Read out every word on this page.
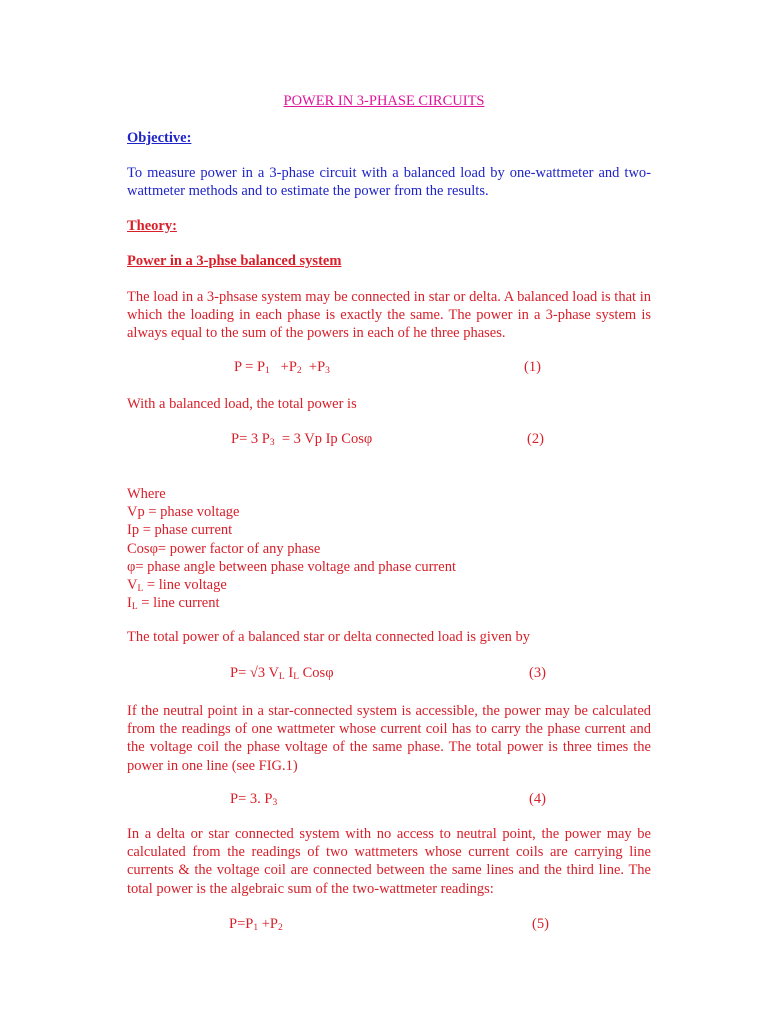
POWER IN 3-PHASE CIRCUITS
Objective:
To measure power in a 3-phase circuit with a balanced load by one-wattmeter and two-wattmeter methods and to estimate the power from the results.
Theory:
Power in a 3-phse balanced system
The load in a 3-phsase system may be connected in star or delta. A balanced load is that in which the loading in each phase is exactly the same. The power in a 3-phase system is always equal to the sum of the powers in each of he three phases.
$P = P_1 +P_2 +P_3$	(1)
With a balanced load, the total power is
P= 3 $P_3 = 3$ Vp Ip Cosφ	(2)
Where
Vp = phase voltage
Ip = phase current
Cosφ= power factor of any phase
φ= phase angle between phase voltage and phase current
$V_L$ = line voltage
$I_L$ = line current
The total power of a balanced star or delta connected load is given by
P= √3 $V_L$ $I_L$ Cosφ	(3)
If the neutral point in a star-connected system is accessible, the power may be calculated from the readings of one wattmeter whose current coil has to carry the phase current and the voltage coil the phase voltage of the same phase. The total power is three times the power in one line (see FIG.1)
P= 3. $P_3$	(4)
In a delta or star connected system with no access to neutral point, the power may be calculated from the readings of two wattmeters whose current coils are carrying line currents & the voltage coil are connected between the same lines and the third line. The total power is the algebraic sum of the two-wattmeter readings:
$P=P_1 +P_2$	(5)
